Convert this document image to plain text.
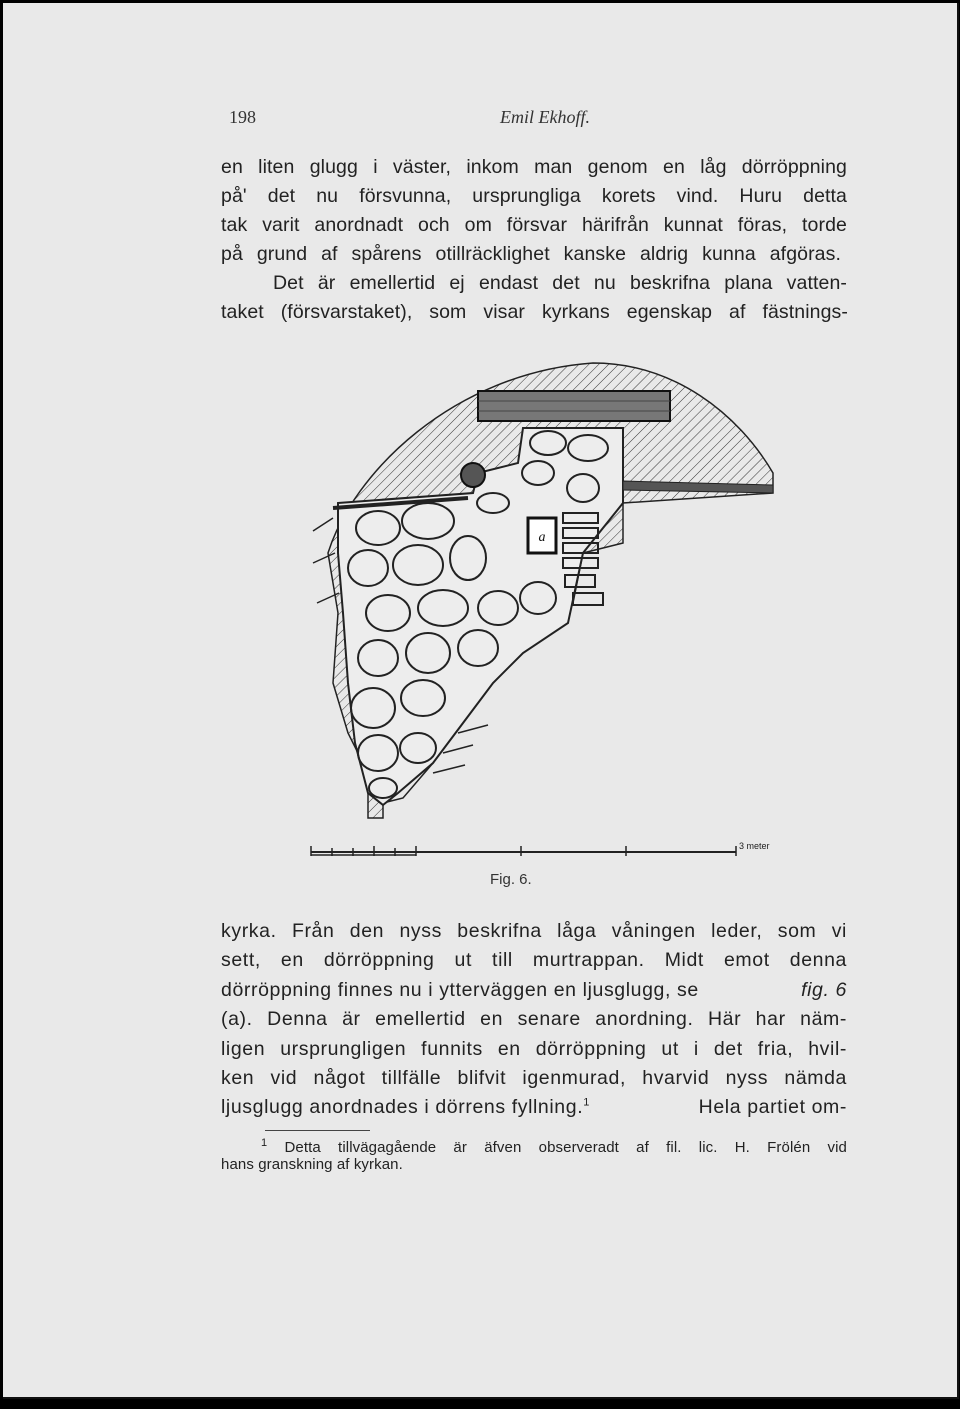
198	Emil Ekhoff.
en liten glugg i väster, inkom man genom en låg dörröppning
på' det nu försvunna, ursprungliga korets vind. Huru detta
tak varit anordnadt och om försvar härifrån kunnat föras, torde
på grund af spårens otillräcklighet kanske aldrig kunna afgöras.
Det är emellertid ej endast det nu beskrifna plana vatten-
taket (försvarstaket), som visar kyrkans egenskap af fästnings-
a
3 meter
Fig. 6.
kyrka. Från den nyss beskrifna låga våningen leder, som vi
sett, en dörröppning ut till murtrappan. Midt emot denna
dörröppning finnes nu i ytterväggen en ljusglugg, se	fig. 6
(a). Denna är emellertid en senare anordning. Här har näm-
ligen ursprungligen funnits en dörröppning ut i det fria, hvil-
ken vid något tillfälle blifvit igenmurad, hvarvid nyss nämda
ljusglugg anordnades i dörrens fyllning.$^1$	Hela partiet om-
$^1$ Detta tillvägagående är äfven observeradt af fil. lic. H. Frölén vid
hans granskning af kyrkan.
